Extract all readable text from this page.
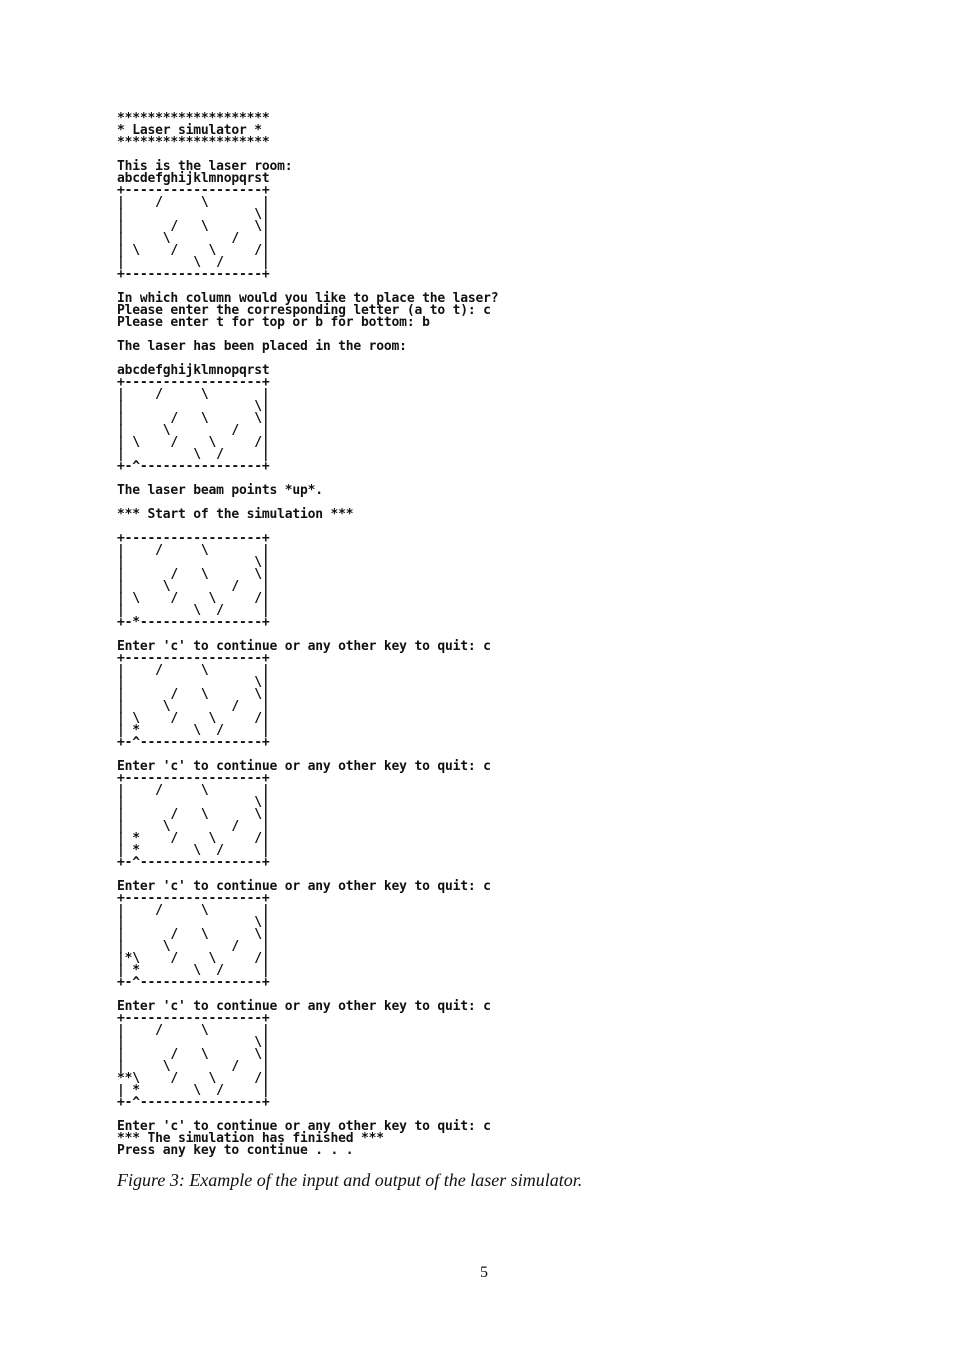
********************
* Laser simulator *
********************

This is the laser room:
abcdefghijklmnopqrst
+------------------+
|    /     \       |
|                 \|
|      /   \      \|
|     \        /   |
| \    /    \     /|
|         \  /     |
+------------------+

In which column would you like to place the laser?
Please enter the corresponding letter (a to t): c
Please enter t for top or b for bottom: b

The laser has been placed in the room:

abcdefghijklmnopqrst
+------------------+
|    /     \       |
|                 \|
|      /   \      \|
|     \        /   |
| \    /    \     /|
|         \  /     |
+-^----------------+

The laser beam points *up*.

*** Start of the simulation ***

+------------------+
|    /     \       |
|                 \|
|      /   \      \|
|     \        /   |
| \    /    \     /|
|         \  /     |
+-*----------------+

Enter 'c' to continue or any other key to quit: c
+------------------+
|    /     \       |
|                 \|
|      /   \      \|
|     \        /   |
| \    /    \     /|
| *       \  /     |
+-^----------------+

Enter 'c' to continue or any other key to quit: c
+------------------+
|    /     \       |
|                 \|
|      /   \      \|
|     \        /   |
| *    /    \     /|
| *       \  /     |
+-^----------------+

Enter 'c' to continue or any other key to quit: c
+------------------+
|    /     \       |
|                 \|
|      /   \      \|
|     \        /   |
|*\    /    \     /|
| *       \  /     |
+-^----------------+

Enter 'c' to continue or any other key to quit: c
+------------------+
|    /     \       |
|                 \|
|      /   \      \|
|     \        /   |
**\    /    \     /|
| *       \  /     |
+-^----------------+

Enter 'c' to continue or any other key to quit: c
*** The simulation has finished ***
Press any key to continue . . .
Figure 3: Example of the input and output of the laser simulator.
5
